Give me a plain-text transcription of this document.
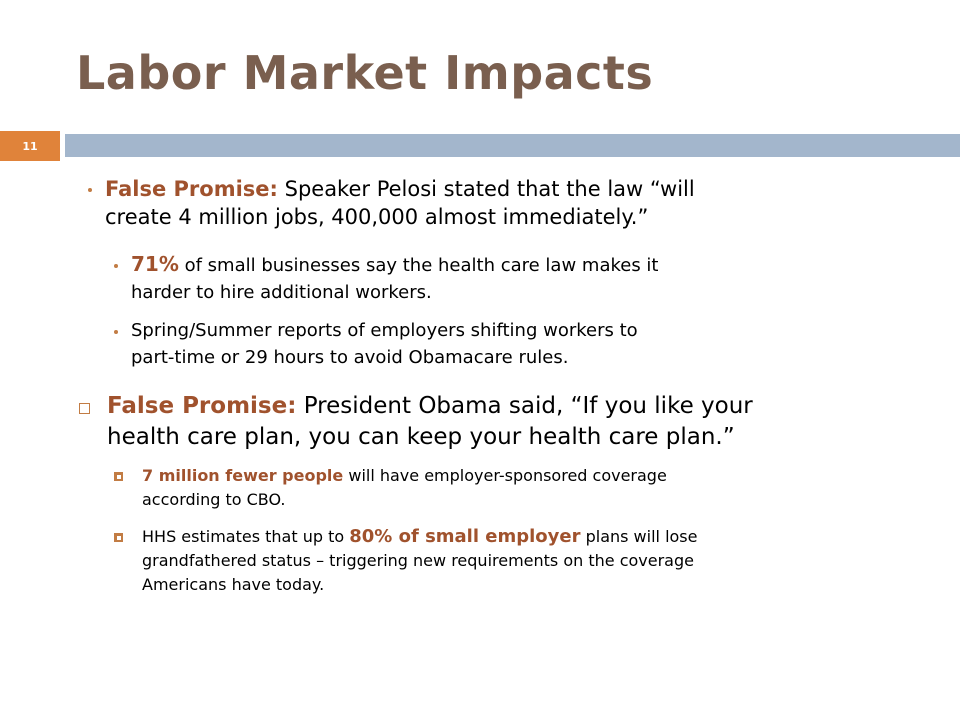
Labor Market Impacts
11
False Promise: Speaker Pelosi stated that the law “will
create 4 million jobs, 400,000 almost immediately.”
71% of small businesses say the health care law makes it
harder to hire additional workers.
Spring/Summer reports of employers shifting workers to
part-time or 29 hours to avoid Obamacare rules.
False Promise: President Obama said, “If you like your
health care plan, you can keep your health care plan.”
7 million fewer people will have employer-sponsored coverage
according to CBO.
HHS estimates that up to 80% of small employer plans will lose
grandfathered status – triggering new requirements on the coverage
Americans have today.
